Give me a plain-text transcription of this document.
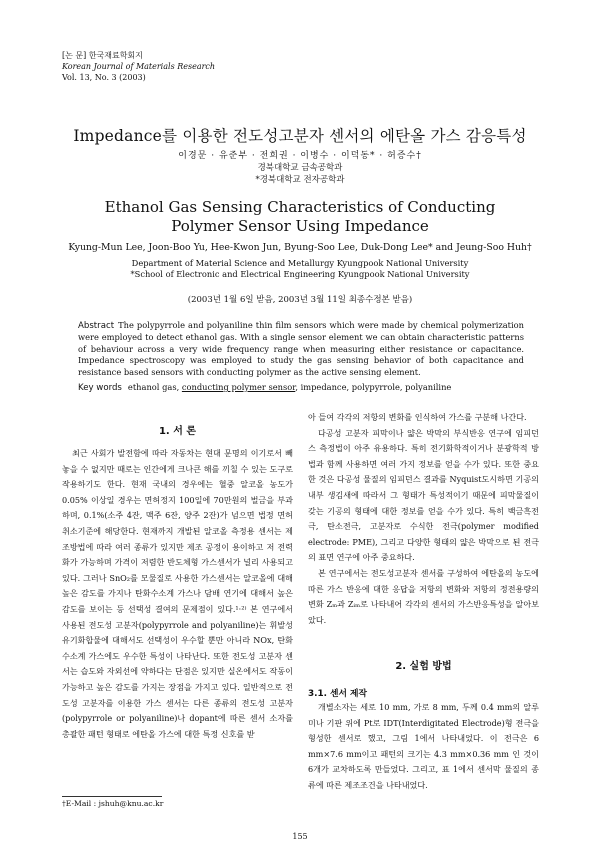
[논 문] 한국재료학회지
Korean Journal of Materials Research
Vol. 13, No. 3 (2003)
Impedance를 이용한 전도성고분자 센서의 에탄올 가스 감응특성
이경문 · 유준부 · 전희권 · 이병수 · 이덕동* · 허증수†
경북대학교 금속공학과
*경북대학교 전자공학과
Ethanol Gas Sensing Characteristics of Conducting
Polymer Sensor Using Impedance
Kyung-Mun Lee, Joon-Boo Yu, Hee-Kwon Jun, Byung-Soo Lee, Duk-Dong Lee* and Jeung-Soo Huh†
Department of Material Science and Metallurgy Kyungpook National University
*School of Electronic and Electrical Engineering Kyungpook National University
(2003년 1월 6일 받음, 2003년 3월 11일 최종수정본 받음)
Abstract The polypyrrole and polyaniline thin film sensors which were made by chemical polymerization were employed to detect ethanol gas. With a single sensor element we can obtain characteristic patterns of behaviour across a very wide frequency range when measuring either resistance or capacitance. Impedance spectroscopy was employed to study the gas sensing behavior of both capacitance and resistance based sensors with conducting polymer as the active sensing element.
Key words ethanol gas, conducting polymer sensor, impedance, polypyrrole, polyaniline
1. 서 론

최근 사회가 발전함에 따라 자동차는 현대 문명의 이기로서 빼놓을 수 없지만 때로는 인간에게 크나큰 해를 끼칠 수 있는 도구로 작용하기도 한다. 현재 국내의 경우에는 혈중 알코올 농도가 0.05% 이상일 경우는 면허정지 100일에 70만원의 벌금을 부과하며, 0.1%(소주 4잔, 맥주 6잔, 양주 2잔)가 넘으면 법정 면허 취소기준에 해당한다. 현재까지 개발된 알코올 측정용 센서는 제조방법에 따라 여러 종류가 있지만 제조 공정이 용이하고 저 전력화가 가능하며 가격이 저렴한 반도체형 가스센서가 널리 사용되고 있다. 그러나 SnO₂를 모물질로 사용한 가스센서는 알코올에 대해 높은 감도를 가지나 탄화수소계 가스나 담배 연기에 대해서 높은 감도를 보이는 등 선택성 결여의 문제점이 있다.¹·²⁾ 본 연구에서 사용된 전도성 고분자(polypyrrole and polyaniline)는 휘발성유기화합물에 대해서도 선택성이 우수할 뿐만 아니라 NOx, 탄화수소계 가스에도 우수한 특성이 나타난다. 또한 전도성 고분자 센서는 습도와 자외선에 약하다는 단점은 있지만 실온에서도 작동이 가능하고 높은 감도를 가지는 장점을 가지고 있다. 일반적으로 전도성 고분자를 이용한 가스 센서는 다른 종류의 전도성 고분자(polypyrrole or polyaniline)나 dopant에 따른 센서 소자를 총괄한 패턴 형태로 에탄올 가스에 대한 특정 신호를 받

아 들여 각각의 저항의 변화를 인식하여 가스를 구분해 나간다.

다공성 고분자 피막이나 얇은 박막의 부식반응 연구에 임피던스 측정법이 아주 유용하다. 특히 전기화학적이거나 분광학적 방법과 함께 사용하면 여러 가지 정보를 얻을 수가 있다. 또한 중요한 것은 다공성 물질의 임피던스 결과를 Nyquist도시하면 기공의 내부 생김새에 따라서 그 형태가 특성적이기 때문에 피막물질이 갖는 기공의 형태에 대한 정보를 얻을 수가 있다. 특히 백금흑전극, 탄소전극, 고분자로 수식한 전극(polymer modified electrode: PME), 그리고 다양한 형태의 얇은 박막으로 된 전극의 표면 연구에 아주 중요하다.

본 연구에서는 전도성고분자 센서를 구성하여 에탄올의 농도에 따른 가스 반응에 대한 응답을 저항의 변화와 저항의 정전용량의 변화 Zₘ과 Zᵢₘ로 나타내어 각각의 센서의 가스반응특성을 알아보았다.

2. 실험 방법
3.1. 센서 제작

개별소자는 세로 10 mm, 가로 8 mm, 두께 0.4 mm의 알루미나 기판 위에 Pt로 IDT(Interdigitated Electrode)형 전극을 형성한 센서로 했고, 그림 1에서 나타내었다. 이 전극은 6 mm×7.6 mm이고 패턴의 크기는 4.3 mm×0.36 mm 인 것이 6개가 교차하도록 만들었다. 그리고, 표 1에서 센서막 물질의 종류에 따른 제조조건을 나타내었다.

†E-Mail : jshuh@knu.ac.kr
155
